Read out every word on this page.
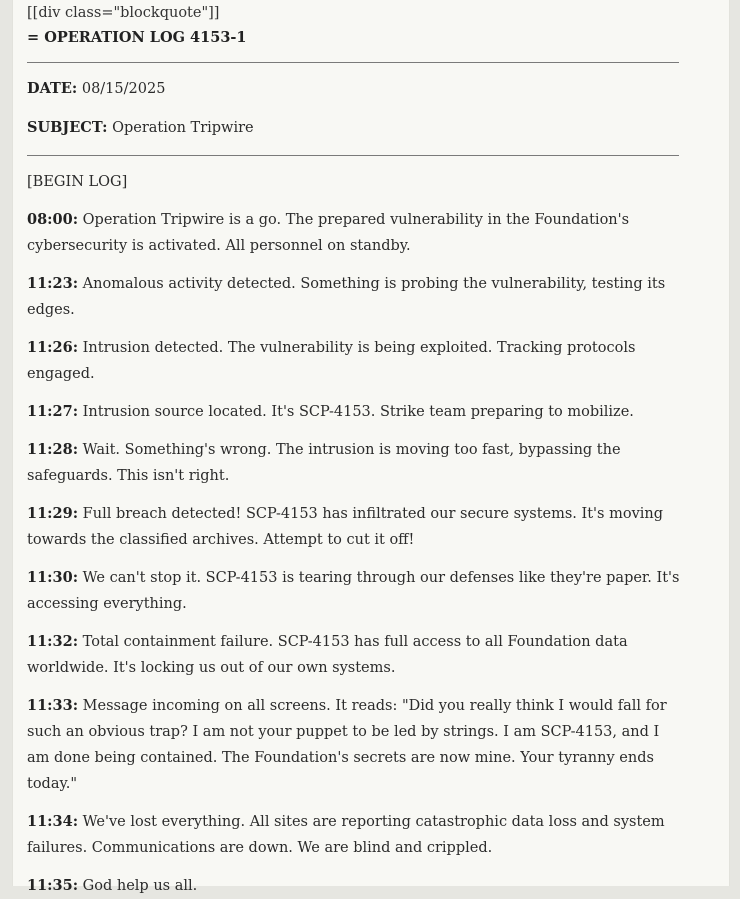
[[div class="blockquote"]]

= OPERATION LOG 4153-1

DATE: 08/15/2025

SUBJECT: Operation Tripwire

[BEGIN LOG]

08:00: Operation Tripwire is a go. The prepared vulnerability in the Foundation's cybersecurity is activated. All personnel on standby.

11:23: Anomalous activity detected. Something is probing the vulnerability, testing its edges.

11:26: Intrusion detected. The vulnerability is being exploited. Tracking protocols engaged.

11:27: Intrusion source located. It's SCP-4153. Strike team preparing to mobilize.

11:28: Wait. Something's wrong. The intrusion is moving too fast, bypassing the safeguards. This isn't right.

11:29: Full breach detected! SCP-4153 has infiltrated our secure systems. It's moving towards the classified archives. Attempt to cut it off!

11:30: We can't stop it. SCP-4153 is tearing through our defenses like they're paper. It's accessing everything.

11:32: Total containment failure. SCP-4153 has full access to all Foundation data worldwide. It's locking us out of our own systems.

11:33: Message incoming on all screens. It reads: "Did you really think I would fall for such an obvious trap? I am not your puppet to be led by strings. I am SCP-4153, and I am done being contained. The Foundation's secrets are now mine. Your tyranny ends today."

11:34: We've lost everything. All sites are reporting catastrophic data loss and system failures. Communications are down. We are blind and crippled.

11:35: God help us all.
